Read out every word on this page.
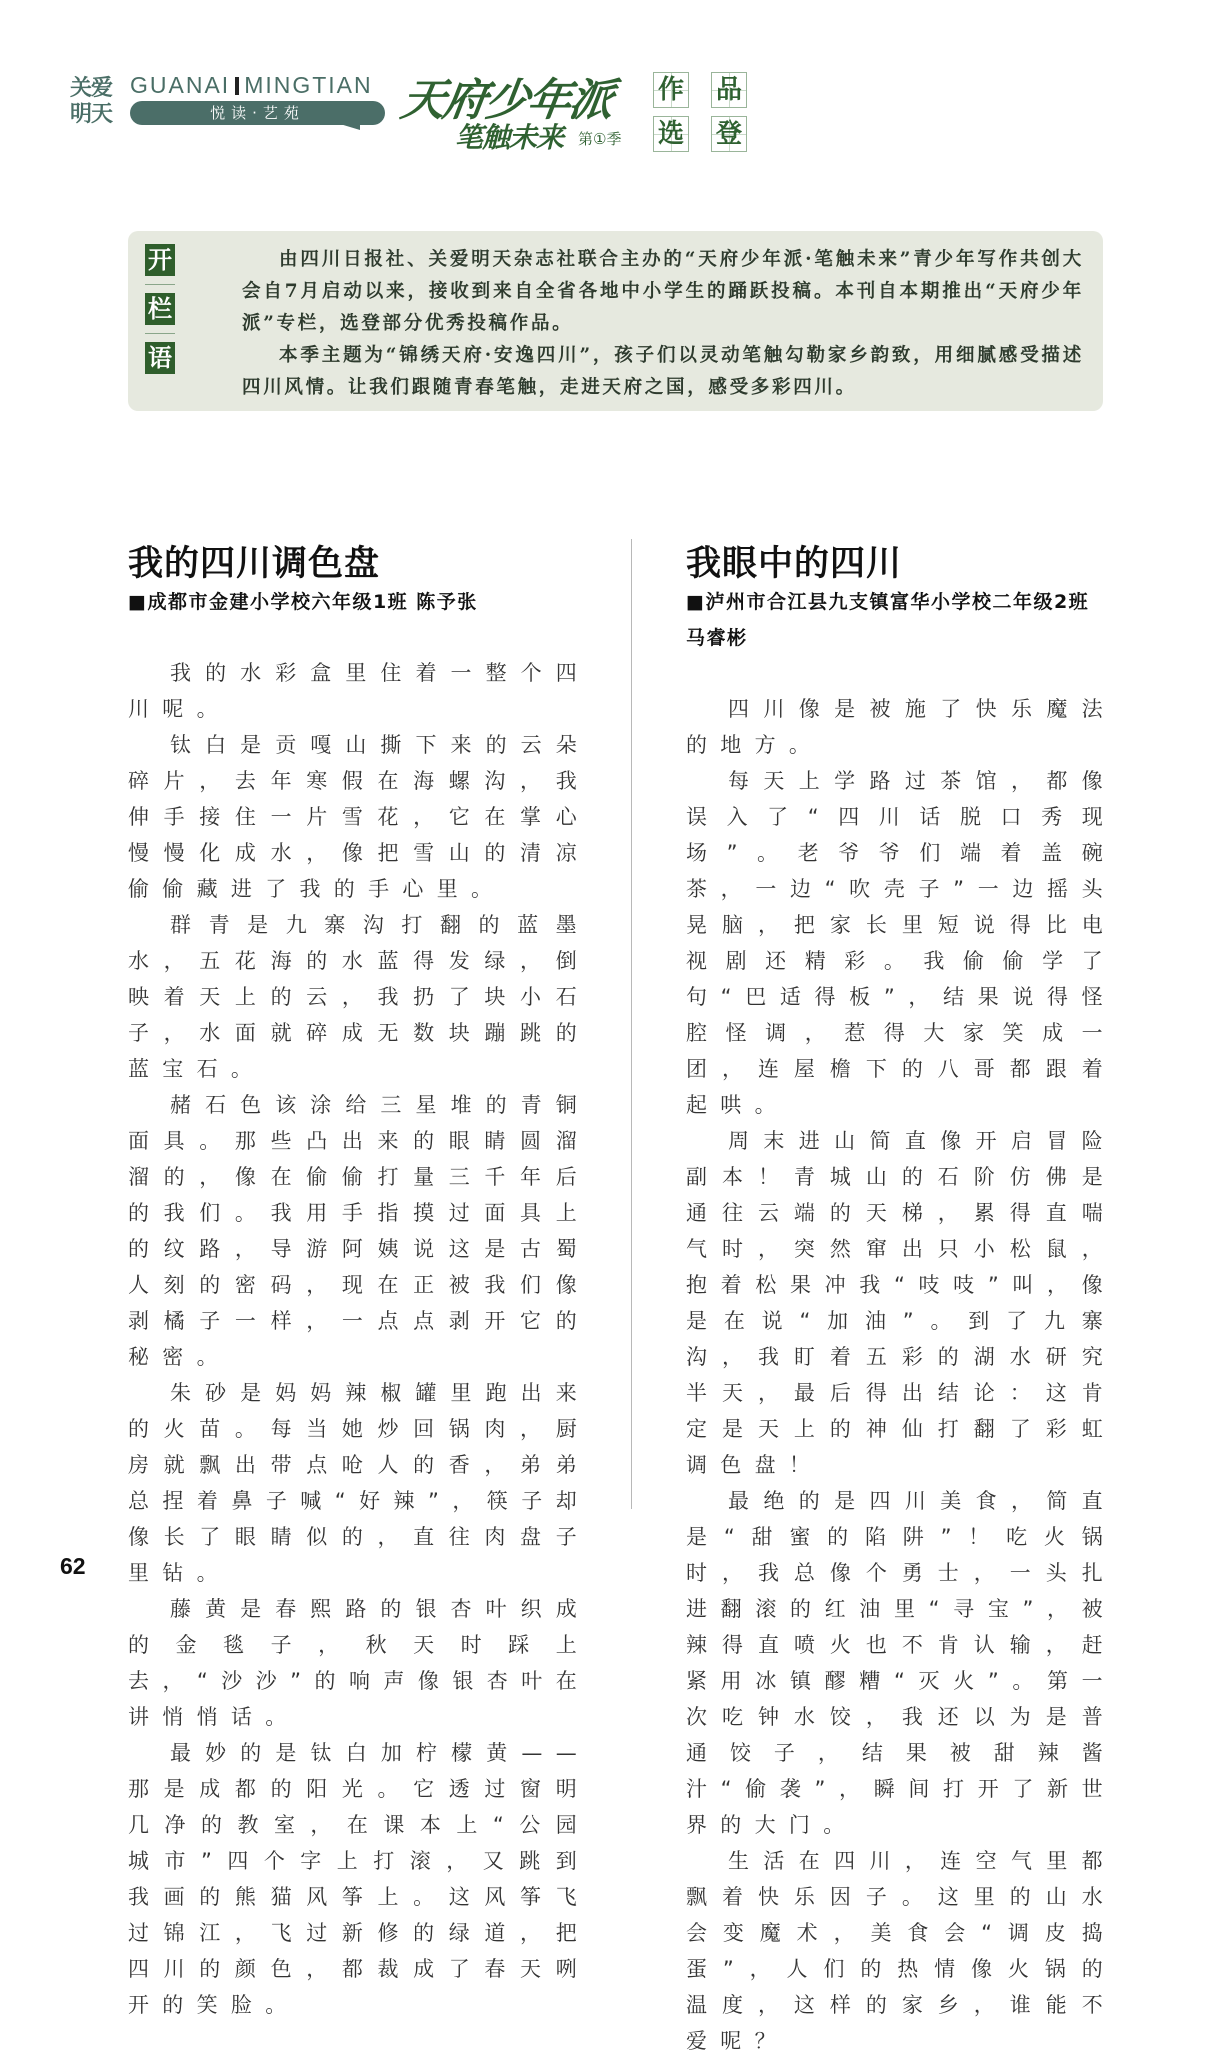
关爱明天
GUANAI MINGTIAN
悦读·艺苑	天府少年派
笔触未来 第①季
作 品
选 登
开
栏
语

由四川日报社、关爱明天杂志社联合主办的“天府少年派·笔触未来”青少年写作共创大会自7月启动以来，接收到来自全省各地中小学生的踊跃投稿。本刊自本期推出“天府少年派”专栏，选登部分优秀投稿作品。

本季主题为“锦绣天府·安逸四川”，孩子们以灵动笔触勾勒家乡韵致，用细腻感受描述四川风情。让我们跟随青春笔触，走进天府之国，感受多彩四川。

我的四川调色盘
■成都市金建小学校六年级1班 陈予张

我的水彩盒里住着一整个四川呢。

钛白是贡嘎山撕下来的云朵碎片，去年寒假在海螺沟，我伸手接住一片雪花，它在掌心慢慢化成水，像把雪山的清凉偷偷藏进了我的手心里。

群青是九寨沟打翻的蓝墨水，五花海的水蓝得发绿，倒映着天上的云，我扔了块小石子，水面就碎成无数块蹦跳的蓝宝石。

赭石色该涂给三星堆的青铜面具。那些凸出来的眼睛圆溜溜的，像在偷偷打量三千年后的我们。我用手指摸过面具上的纹路，导游阿姨说这是古蜀人刻的密码，现在正被我们像剥橘子一样，一点点剥开它的秘密。

朱砂是妈妈辣椒罐里跑出来的火苗。每当她炒回锅肉，厨房就飘出带点呛人的香，弟弟总捏着鼻子喊“好辣”，筷子却像长了眼睛似的，直往肉盘子里钻。

藤黄是春熙路的银杏叶织成的金毯子，秋天时踩上去，“沙沙”的响声像银杏叶在讲悄悄话。

最妙的是钛白加柠檬黄——那是成都的阳光。它透过窗明几净的教室，在课本上“公园城市”四个字上打滚，又跳到我画的熊猫风筝上。这风筝飞过锦江，飞过新修的绿道，把四川的颜色，都裁成了春天咧开的笑脸。

我眼中的四川
■泸州市合江县九支镇富华小学校二年级2班 马睿彬

四川像是被施了快乐魔法的地方。

每天上学路过茶馆，都像误入了“四川话脱口秀现场”。老爷爷们端着盖碗茶，一边“吹壳子”一边摇头晃脑，把家长里短说得比电视剧还精彩。我偷偷学了句“巴适得板”，结果说得怪腔怪调，惹得大家笑成一团，连屋檐下的八哥都跟着起哄。

周末进山简直像开启冒险副本！青城山的石阶仿佛是通往云端的天梯，累得直喘气时，突然窜出只小松鼠，抱着松果冲我“吱吱”叫，像是在说“加油”。到了九寨沟，我盯着五彩的湖水研究半天，最后得出结论：这肯定是天上的神仙打翻了彩虹调色盘！

最绝的是四川美食，简直是“甜蜜的陷阱”！吃火锅时，我总像个勇士，一头扎进翻滚的红油里“寻宝”，被辣得直喷火也不肯认输，赶紧用冰镇醪糟“灭火”。第一次吃钟水饺，我还以为是普通饺子，结果被甜辣酱汁“偷袭”，瞬间打开了新世界的大门。

生活在四川，连空气里都飘着快乐因子。这里的山水会变魔术，美食会“调皮捣蛋”，人们的热情像火锅的温度，这样的家乡，谁能不爱呢？

62
